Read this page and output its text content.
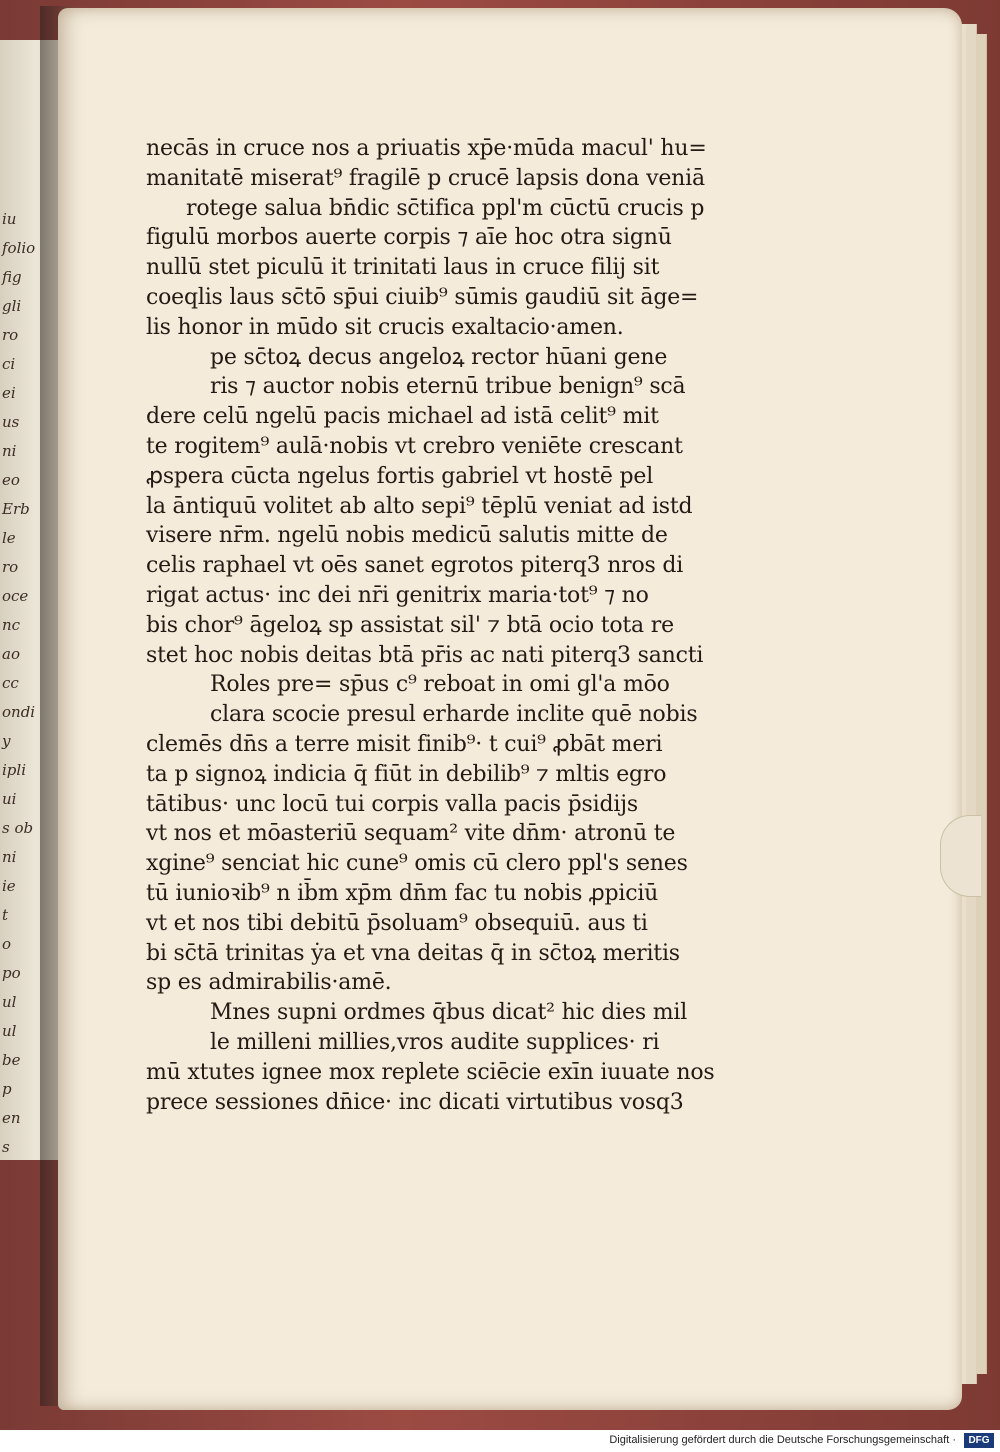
iu
folio
fig
gli
ro
ci
ei
us
ni
eo
Erb
le
ro
oce
nc
ao
cc
ondi
y
ipli
ui
s ob
ni
ie
t
o
po
ul
ul
be
p
en
s
necās in cruce nos a priuatis xp̄e·mūda macul' hu=
manitatē miserat⁹ fragilē p crucē lapsis dona veniā
rotege salua bn̄dic sc̄tifica ppl'm cūctū crucis p
figulū morbos auerte corpis ⁊ aīe hoc otra signū
nullū stet piculū it trinitati laus in cruce filij sit
coeqlis laus sc̄tō sp̄ui ciuib⁹ sūmis gaudiū sit āge=
lis honor in mūdo sit crucis exaltacio·amen.
pe sc̄toꝝ decus angeloꝝ rector hūani gene
ris ⁊ auctor nobis eternū tribue benign⁹ scā
dere celū ngelū pacis michael ad istā celit⁹ mit
te rogitem⁹ aulā·nobis vt crebro veniēte crescant
ꝓspera cūcta ngelus fortis gabriel vt hostē pel
la āntiquū volitet ab alto sepi⁹ tēplū veniat ad istd
visere nr̄m. ngelū nobis medicū salutis mitte de
celis raphael vt oēs sanet egrotos piterq3 nros di
rigat actus· inc dei nr̄i genitrix maria·tot⁹ ⁊ no
bis chor⁹ āgeloꝝ sp assistat sil' ⁊ btā ocio tota re
stet hoc nobis deitas btā pr̄is ac nati piterq3 sancti
Roles pre= sp̄us c⁹ reboat in omi gl'a mōo
clara scocie presul erharde inclite quē nobis
clemēs dn̄s a terre misit finib⁹· t cui⁹ ꝓbāt meri
ta p signoꝝ indicia q̄ fiūt in debilib⁹ ⁊ mltis egro
tātibus· unc locū tui corpis valla pacis p̄sidijs
vt nos et mōasteriū sequam² vite dn̄m· atronū te
xgine⁹ senciat hic cune⁹ omis cū clero ppl's senes
tū iunioꝛib⁹ n ib̄m xp̄m dn̄m fac tu nobis ꝓpiciū
vt et nos tibi debitū p̄soluam⁹ obsequiū. aus ti
bi sc̄tā trinitas ẏa et vna deitas q̄ in sc̄toꝝ meritis
sp es admirabilis·amē.
Mnes supni ordmes q̄bus dicat² hic dies mil
le milleni millies,vros audite supplices· ri
mū xtutes ignee mox replete sciēcie exīn iuuate nos
prece sessiones dn̄ice· inc dicati virtutibus vosq3
Digitalisierung gefördert durch die Deutsche Forschungsgemeinschaft ·	DFG
